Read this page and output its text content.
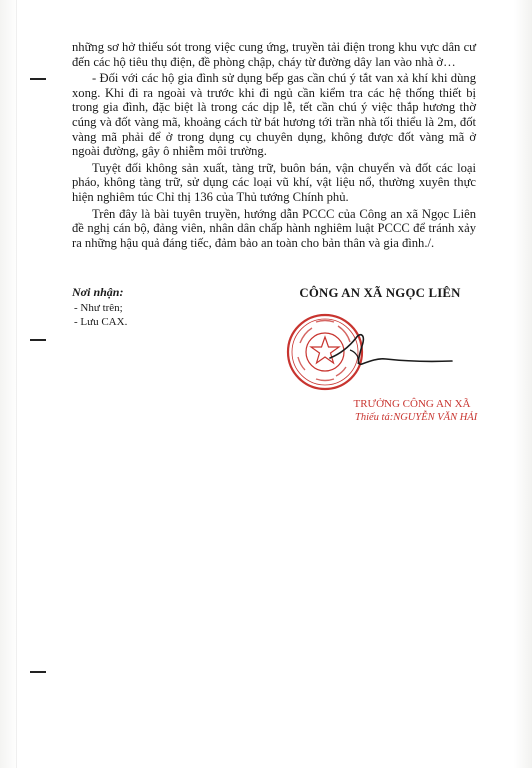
những sơ hở thiếu sót trong việc cung ứng, truyền tải điện trong khu vực dân cư đến các hộ tiêu thụ điện, đề phòng chập, cháy từ đường dây lan vào nhà ở…

- Đối với các hộ gia đình sử dụng bếp gas cần chú ý tắt van xả khí khi dùng xong. Khi đi ra ngoài và trước khi đi ngủ cần kiểm tra các hệ thống thiết bị trong gia đình, đặc biệt là trong các dịp lễ, tết cần chú ý việc thắp hương thờ cúng và đốt vàng mã, khoảng cách từ bát hương tới trần nhà tối thiểu là 2m, đốt vàng mã phải để ở trong dụng cụ chuyên dụng, không được đốt vàng mã ở ngoài đường, gây ô nhiễm môi trường.

Tuyệt đối không sản xuất, tàng trữ, buôn bán, vận chuyển và đốt các loại pháo, không tàng trữ, sử dụng các loại vũ khí, vật liệu nổ, thường xuyên thực hiện nghiêm túc Chỉ thị 136 của Thủ tướng Chính phủ.

Trên đây là bài tuyên truyền, hướng dẫn PCCC của Công an xã Ngọc Liên đề nghị cán bộ, đảng viên, nhân dân chấp hành nghiêm luật PCCC để tránh xảy ra những hậu quả đáng tiếc, đảm bảo an toàn cho bản thân và gia đình./.

Nơi nhận:
- Như trên;
- Lưu CAX.
CÔNG AN XÃ NGỌC LIÊN
TRƯỞNG CÔNG AN XÃ
Thiếu tá:NGUYỄN VĂN HẢI
